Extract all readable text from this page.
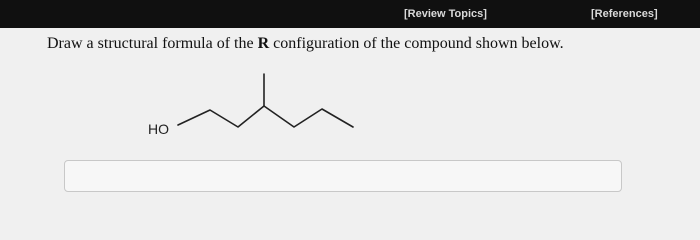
[Review Topics]	[References]

Draw a structural formula of the R configuration of the compound shown below.

HO
